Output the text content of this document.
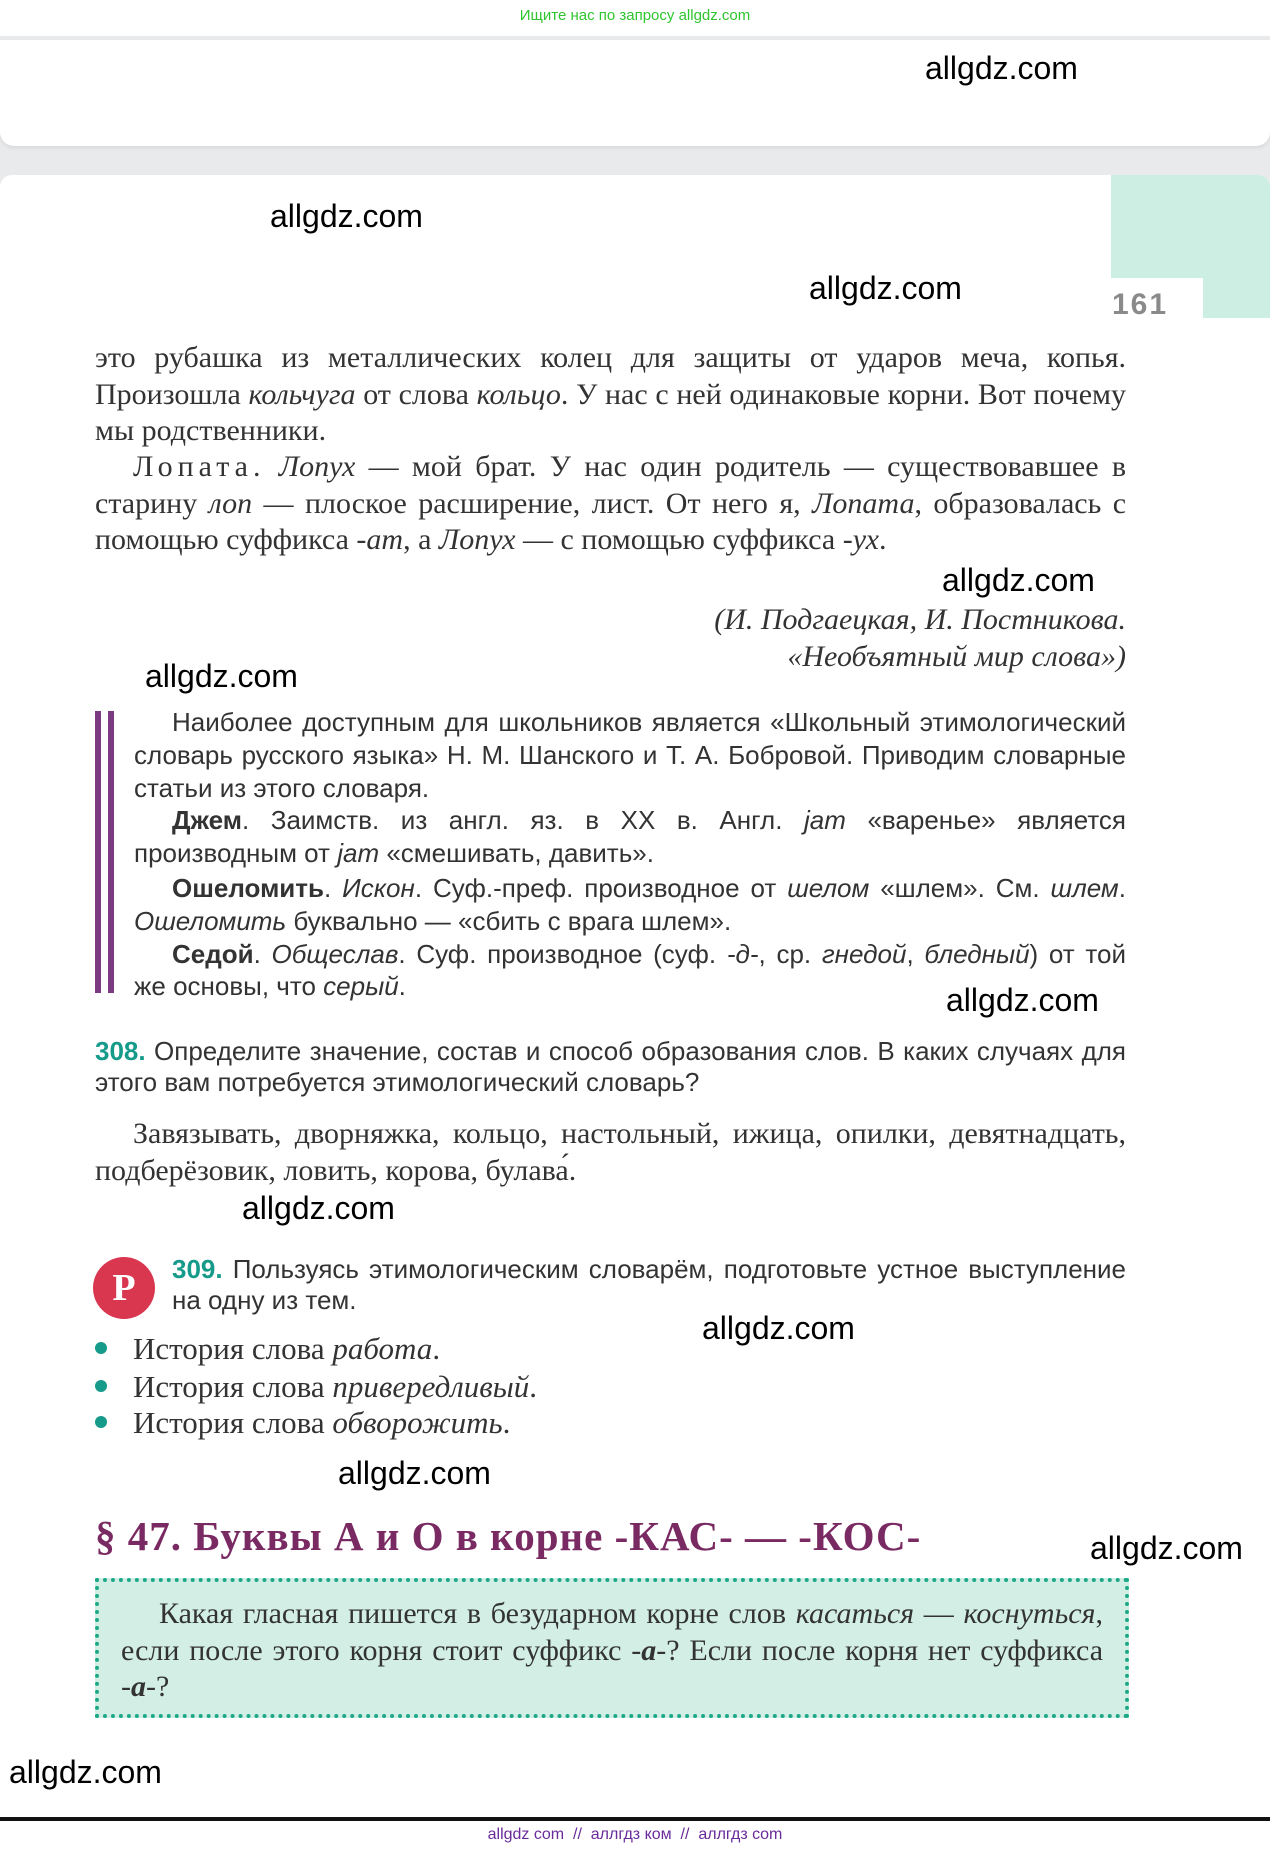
Ищите нас по запросу allgdz.com
161
allgdz.com
allgdz.com
allgdz.com
allgdz.com
allgdz.com
allgdz.com
allgdz.com
allgdz.com
allgdz.com
allgdz.com
allgdz.com
это рубашка из металлических колец для защиты от ударов меча, копья. Произошла кольчуга от слова кольцо. У нас с ней одинаковые корни. Вот почему мы родственники.
Лопата. Лопух — мой брат. У нас один родитель — существовавшее в старину лоп — плоское расширение, лист. От него я, Лопата, образовалась с помощью суффикса -ат, а Лопух — с помощью суффикса -ух.
(И. Подгаецкая, И. Постникова.
«Необъятный мир слова»)
Наиболее доступным для школьников является «Школьный этимологический словарь русского языка» Н. М. Шанского и Т. А. Бобровой. Приводим словарные статьи из этого словаря.
Джем. Заимств. из англ. яз. в XX в. Англ. jam «варенье» является производным от jam «смешивать, давить».
Ошеломить. Искон. Суф.-преф. производное от шелом «шлем». См. шлем. Ошеломить буквально — «сбить с врага шлем».
Седой. Общеслав. Суф. производное (суф. -д-, ср. гнедой, бледный) от той же основы, что серый.
308. Определите значение, состав и способ образования слов. В каких случаях для этого вам потребуется этимологический словарь?
Завязывать, дворняжка, кольцо, настольный, ижица, опилки, девятнадцать, подберёзовик, ловить, корова, булава́.
Р	309. Пользуясь этимологическим словарём, подготовьте устное выступление на одну из тем.
История слова работа.
История слова привередливый.
История слова обворожить.
§ 47. Буквы А и О в корне -КАС- — -КОС-

Какая гласная пишется в безударном корне слов касаться — коснуться, если после этого корня стоит суффикс -а-? Если после корня нет суффикса -а-?

allgdz com  //  аллгдз ком  //  аллгдз com
